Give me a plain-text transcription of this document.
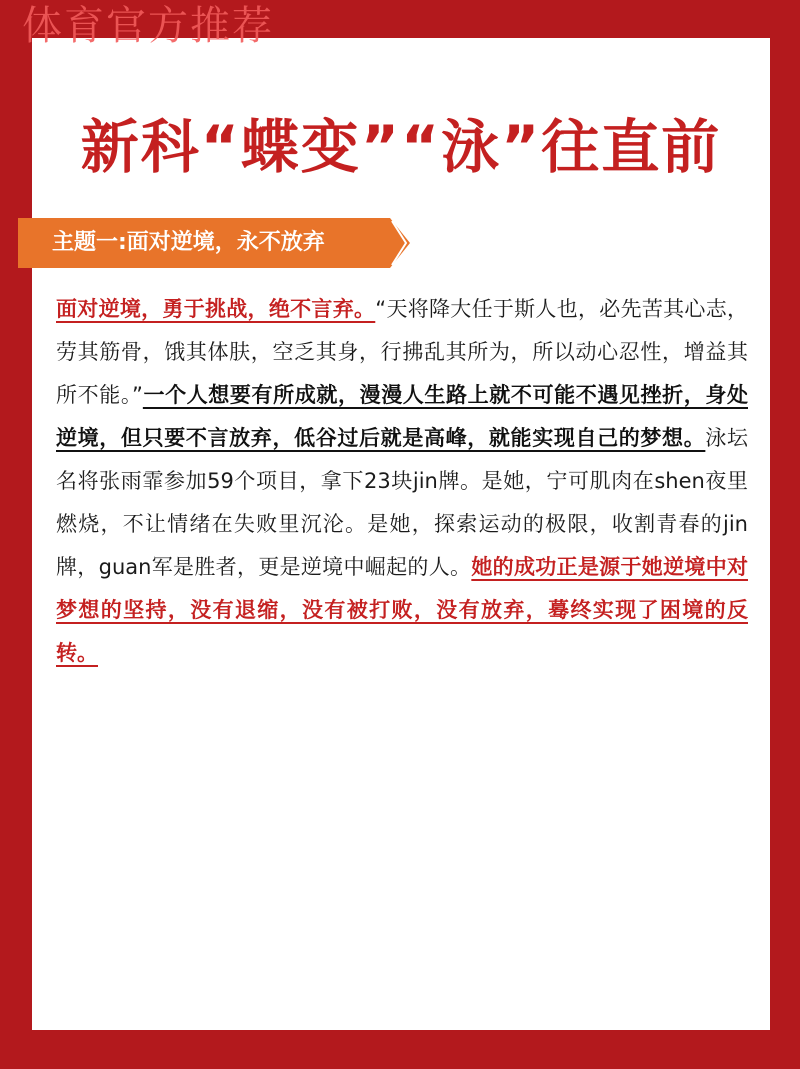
体育官方推荐
新科“蝶变”“泳”往直前
主题一:面对逆境，永不放弃
面对逆境，勇于挑战，绝不言弃。“天将降大任于斯人也，必先苦其心志，劳其筋骨，饿其体肤，空乏其身，行拂乱其所为，所以动心忍性，增益其所不能。”一个人想要有所成就，漫漫人生路上就不可能不遇见挫折，身处逆境，但只要不言放弃，低谷过后就是高峰，就能实现自己的梦想。泳坛名将张雨霏参加59个项目，拿下23块jin牌。是她，宁可肌肉在shen夜里燃烧，不让情绪在失败里沉沦。是她，探索运动的极限，收割青春的jin牌，guan军是胜者，更是逆境中崛起的人。她的成功正是源于她逆境中对梦想的坚持，没有退缩，没有被打败，没有放弃，蓦终实现了困境的反转。
